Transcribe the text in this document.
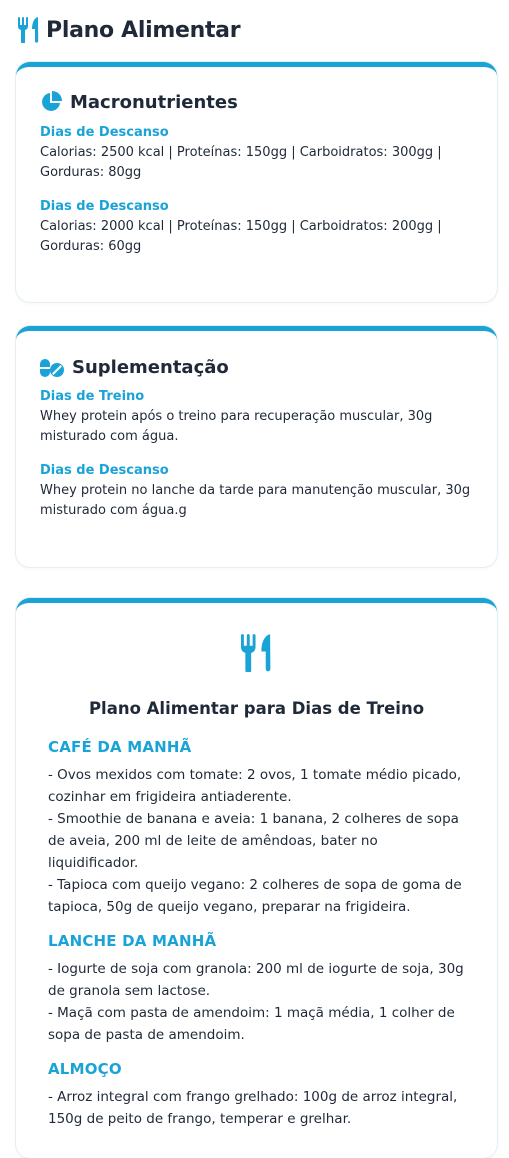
Plano Alimentar
Macronutrientes

Dias de Descanso

Calorias: 2500 kcal | Proteínas: 150gg | Carboidratos: 300gg | Gorduras: 80gg

Dias de Descanso

Calorias: 2000 kcal | Proteínas: 150gg | Carboidratos: 200gg | Gorduras: 60gg

Suplementação

Dias de Treino

Whey protein após o treino para recuperação muscular, 30g misturado com água.

Dias de Descanso

Whey protein no lanche da tarde para manutenção muscular, 30g misturado com água.g

Plano Alimentar para Dias de Treino

CAFÉ DA MANHÃ

- Ovos mexidos com tomate: 2 ovos, 1 tomate médio picado, cozinhar em frigideira antiaderente.

- Smoothie de banana e aveia: 1 banana, 2 colheres de sopa de aveia, 200 ml de leite de amêndoas, bater no liquidificador.

- Tapioca com queijo vegano: 2 colheres de sopa de goma de tapioca, 50g de queijo vegano, preparar na frigideira.

LANCHE DA MANHÃ

- Iogurte de soja com granola: 200 ml de iogurte de soja, 30g de granola sem lactose.

- Maçã com pasta de amendoim: 1 maçã média, 1 colher de sopa de pasta de amendoim.

ALMOÇO

- Arroz integral com frango grelhado: 100g de arroz integral, 150g de peito de frango, temperar e grelhar.
